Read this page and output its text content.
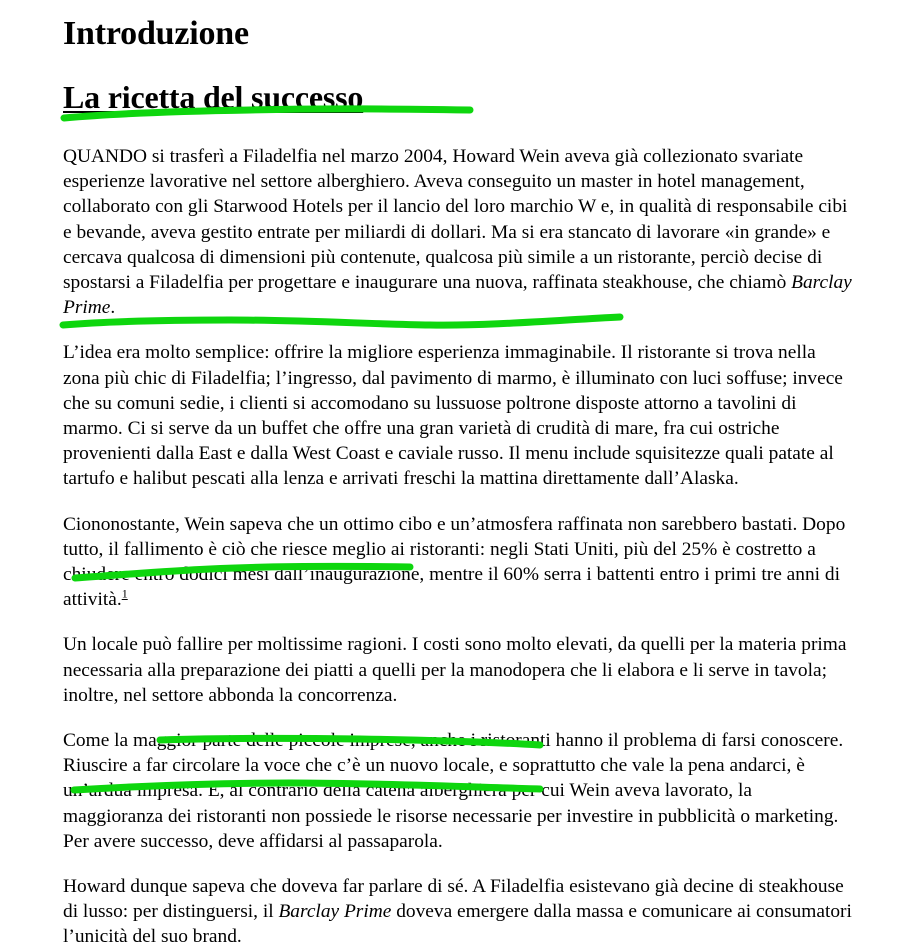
Introduzione
La ricetta del successo

QUANDO si trasferì a Filadelfia nel marzo 2004, Howard Wein aveva già collezionato svariate esperienze lavorative nel settore alberghiero. Aveva conseguito un master in hotel management, collaborato con gli Starwood Hotels per il lancio del loro marchio W e, in qualità di responsabile cibi e bevande, aveva gestito entrate per miliardi di dollari. Ma si era stancato di lavorare «in grande» e cercava qualcosa di dimensioni più contenute, qualcosa più simile a un ristorante, perciò decise di spostarsi a Filadelfia per progettare e inaugurare una nuova, raffinata steakhouse, che chiamò Barclay Prime.

L’idea era molto semplice: offrire la migliore esperienza immaginabile. Il ristorante si trova nella zona più chic di Filadelfia; l’ingresso, dal pavimento di marmo, è illuminato con luci soffuse; invece che su comuni sedie, i clienti si accomodano su lussuose poltrone disposte attorno a tavolini di marmo. Ci si serve da un buffet che offre una gran varietà di crudità di mare, fra cui ostriche provenienti dalla East e dalla West Coast e caviale russo. Il menu include squisitezze quali patate al tartufo e halibut pescati alla lenza e arrivati freschi la mattina direttamente dall’Alaska.

Ciononostante, Wein sapeva che un ottimo cibo e un’atmosfera raffinata non sarebbero bastati. Dopo tutto, il fallimento è ciò che riesce meglio ai ristoranti: negli Stati Uniti, più del 25% è costretto a chiudere entro dodici mesi dall’inaugurazione, mentre il 60% serra i battenti entro i primi tre anni di attività.$^1$

Un locale può fallire per moltissime ragioni. I costi sono molto elevati, da quelli per la materia prima necessaria alla preparazione dei piatti a quelli per la manodopera che li elabora e li serve in tavola; inoltre, nel settore abbonda la concorrenza.

Come la maggior parte delle piccole imprese, anche i ristoranti hanno il problema di farsi conoscere. Riuscire a far circolare la voce che c’è un nuovo locale, e soprattutto che vale la pena andarci, è un’ardua impresa. E, al contrario della catena alberghiera per cui Wein aveva lavorato, la maggioranza dei ristoranti non possiede le risorse necessarie per investire in pubblicità o marketing. Per avere successo, deve affidarsi al passaparola.

Howard dunque sapeva che doveva far parlare di sé. A Filadelfia esistevano già decine di steakhouse di lusso: per distinguersi, il Barclay Prime doveva emergere dalla massa e comunicare ai consumatori l’unicità del suo brand.
